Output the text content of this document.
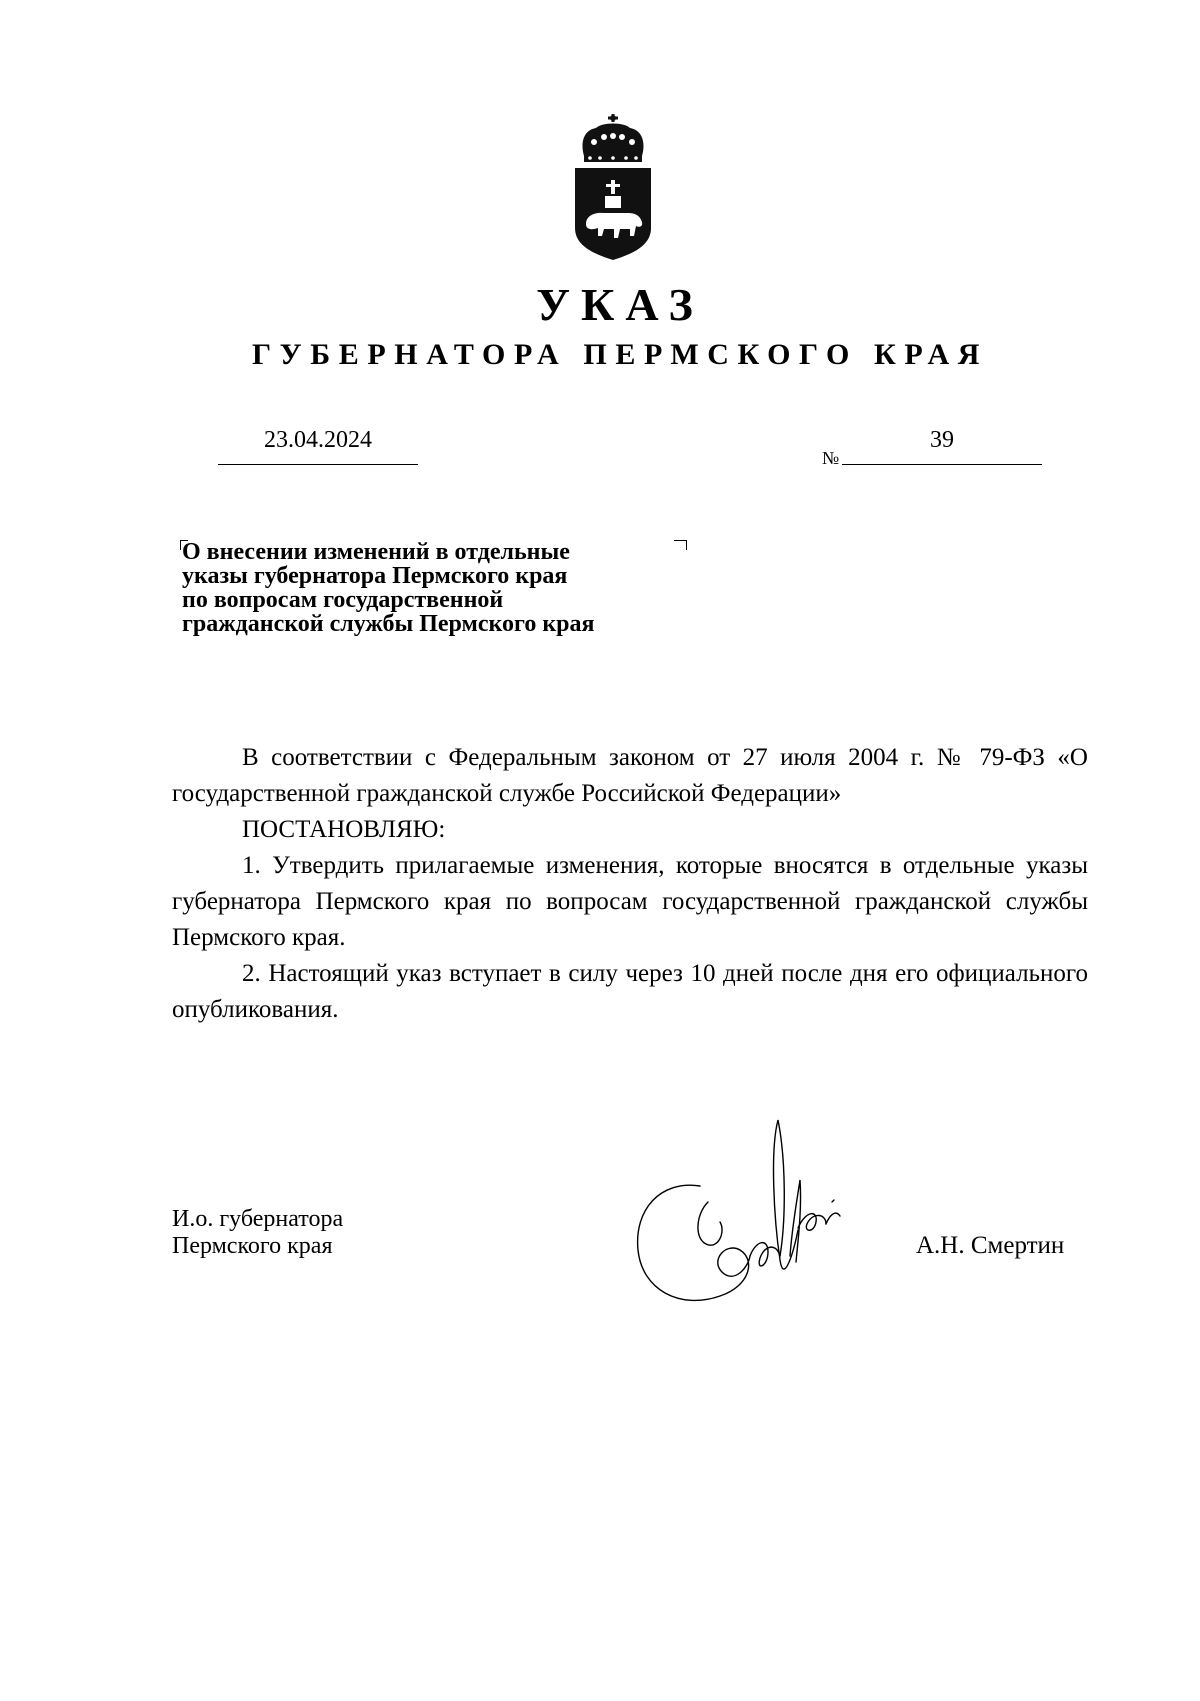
УКАЗ
ГУБЕРНАТОРА ПЕРМСКОГО КРАЯ
23.04.2024
№
39
О внесении изменений в отдельные
указы губернатора Пермского края
по вопросам государственной
гражданской службы Пермского края

В соответствии с Федеральным законом от 27 июля 2004 г. № 79-ФЗ «О государственной гражданской службе Российской Федерации»

ПОСТАНОВЛЯЮ:

1. Утвердить прилагаемые изменения, которые вносятся в отдельные указы губернатора Пермского края по вопросам государственной гражданской службы Пермского края.

2. Настоящий указ вступает в силу через 10 дней после дня его официального опубликования.

И.о. губернатора
Пермского края	А.Н. Смертин
